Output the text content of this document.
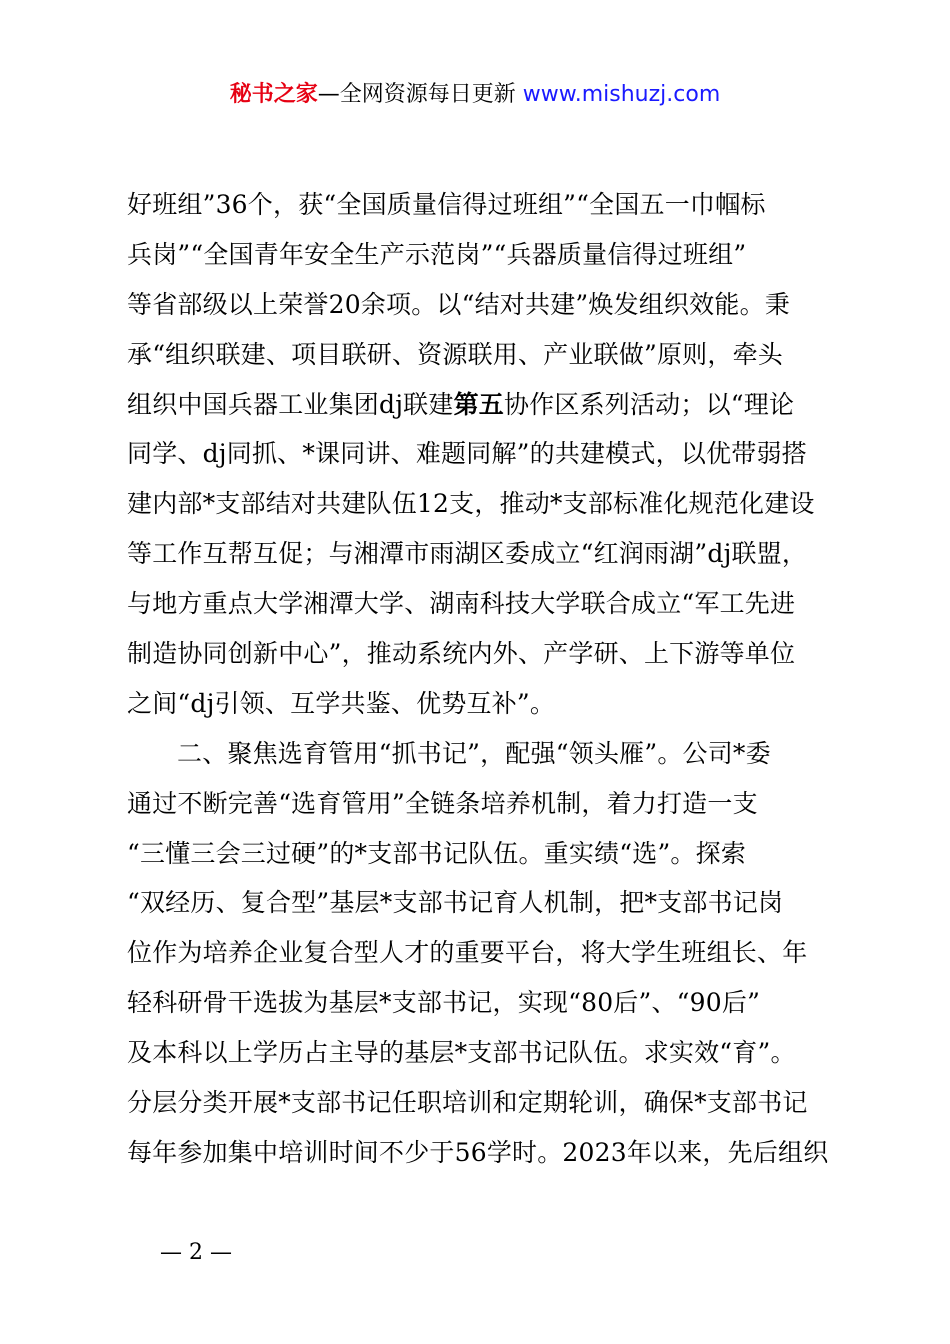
秘书之家—全网资源每日更新 www.mishuzj.com
好班组”36个，获“全国质量信得过班组”“全国五一巾帼标
兵岗”“全国青年安全生产示范岗”“兵器质量信得过班组”
等省部级以上荣誉20余项。以“结对共建”焕发组织效能。秉
承“组织联建、项目联研、资源联用、产业联做”原则，牵头
组织中国兵器工业集团dj联建第五协作区系列活动；以“理论
同学、dj同抓、*课同讲、难题同解”的共建模式，以优带弱搭
建内部*支部结对共建队伍12支，推动*支部标准化规范化建设
等工作互帮互促；与湘潭市雨湖区委成立“红润雨湖”dj联盟，
与地方重点大学湘潭大学、湖南科技大学联合成立“军工先进
制造协同创新中心”，推动系统内外、产学研、上下游等单位
之间“dj引领、互学共鉴、优势互补”。
二、聚焦选育管用“抓书记”，配强“领头雁”。公司*委
通过不断完善“选育管用”全链条培养机制，着力打造一支
“三懂三会三过硬”的*支部书记队伍。重实绩“选”。探索
“双经历、复合型”基层*支部书记育人机制，把*支部书记岗
位作为培养企业复合型人才的重要平台，将大学生班组长、年
轻科研骨干选拔为基层*支部书记，实现“80后”、“90后”
及本科以上学历占主导的基层*支部书记队伍。求实效“育”。
分层分类开展*支部书记任职培训和定期轮训，确保*支部书记
每年参加集中培训时间不少于56学时。2023年以来，先后组织
— 2 —
